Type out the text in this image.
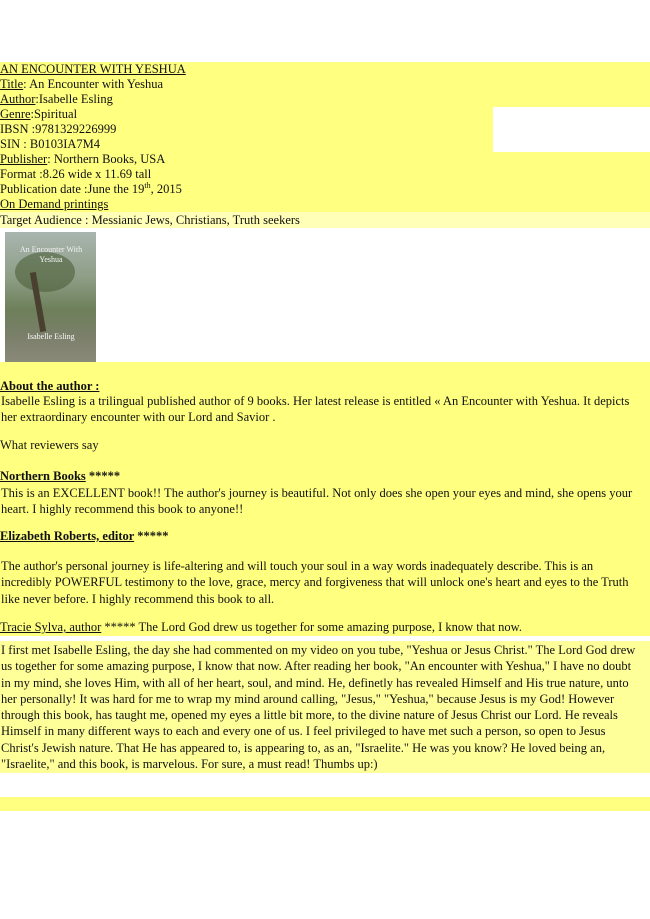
AN ENCOUNTER WITH YESHUA
Title: An Encounter with Yeshua
Author:Isabelle Esling
Genre:Spiritual
IBSN :9781329226999
SIN : B0103IA7M4
Publisher: Northern Books, USA
Format :8.26 wide x 11.69 tall
Publication date :June the 19th, 2015
On Demand printings
Target Audience : Messianic Jews, Christians, Truth seekers
An Encounter With Yeshua
Isabelle Esling
About the author :
Isabelle Esling is a trilingual published author of 9 books. Her latest release is entitled « An Encounter with Yeshua. It depicts her extraordinary encounter with our Lord and Savior .
What reviewers say
Northern Books *****
This is an EXCELLENT book!! The author's journey is beautiful. Not only does she open your eyes and mind, she opens your heart. I highly recommend this book to anyone!!
Elizabeth Roberts, editor *****
The author's personal journey is life-altering and will touch your soul in a way words inadequately describe. This is an incredibly POWERFUL testimony to the love, grace, mercy and forgiveness that will unlock one's heart and eyes to the Truth like never before. I highly recommend this book to all.
Tracie Sylva, author ***** The Lord God drew us together for some amazing purpose, I know that now.
I first met Isabelle Esling, the day she had commented on my video on you tube, "Yeshua or Jesus Christ." The Lord God drew us together for some amazing purpose, I know that now. After reading her book, "An encounter with Yeshua," I have no doubt in my mind, she loves Him, with all of her heart, soul, and mind. He, definetly has revealed Himself and His true nature, unto her personally! It was hard for me to wrap my mind around calling, "Jesus," "Yeshua," because Jesus is my God! However through this book, has taught me, opened my eyes a little bit more, to the divine nature of Jesus Christ our Lord. He reveals Himself in many different ways to each and every one of us. I feel privileged to have met such a person, so open to Jesus Christ's Jewish nature. That He has appeared to, is appearing to, as an, "Israelite." He was you know? He loved being an, "Israelite," and this book, is marvelous. For sure, a must read! Thumbs up:)
